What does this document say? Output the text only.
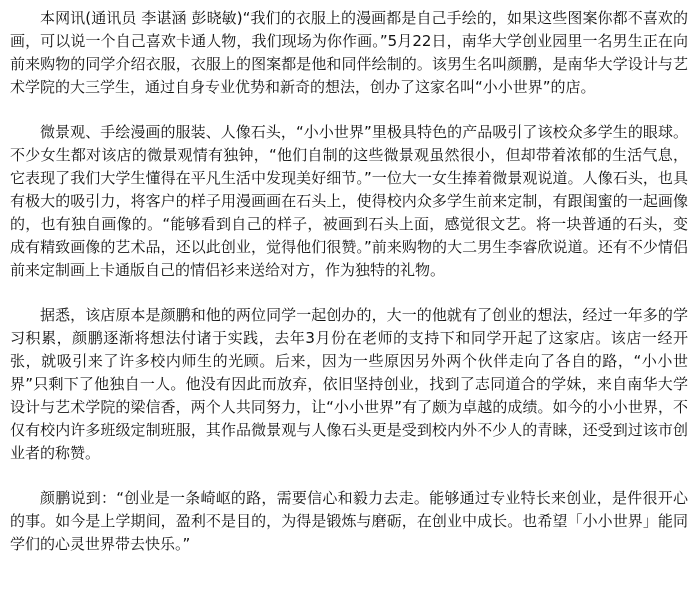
本网讯(通讯员 李谌涵 彭晓敏)“我们的衣服上的漫画都是自己手绘的，如果这些图案你都不喜欢的画，可以说一个自己喜欢卡通人物，我们现场为你作画。”5月22日，南华大学创业园里一名男生正在向前来购物的同学介绍衣服，衣服上的图案都是他和同伴绘制的。该男生名叫颜鹏，是南华大学设计与艺术学院的大三学生，通过自身专业优势和新奇的想法，创办了这家名叫“小小世界”的店。

微景观、手绘漫画的服装、人像石头，“小小世界”里极具特色的产品吸引了该校众多学生的眼球。不少女生都对该店的微景观情有独钟，“他们自制的这些微景观虽然很小，但却带着浓郁的生活气息，它表现了我们大学生懂得在平凡生活中发现美好细节。”一位大一女生捧着微景观说道。人像石头，也具有极大的吸引力，将客户的样子用漫画画在石头上，使得校内众多学生前来定制，有跟闺蜜的一起画像的，也有独自画像的。“能够看到自己的样子，被画到石头上面，感觉很文艺。将一块普通的石头，变成有精致画像的艺术品，还以此创业，觉得他们很赞。”前来购物的大二男生李睿欣说道。还有不少情侣前来定制画上卡通版自己的情侣衫来送给对方，作为独特的礼物。

据悉，该店原本是颜鹏和他的两位同学一起创办的，大一的他就有了创业的想法，经过一年多的学习积累，颜鹏逐渐将想法付诸于实践，去年3月份在老师的支持下和同学开起了这家店。该店一经开张，就吸引来了许多校内师生的光顾。后来，因为一些原因另外两个伙伴走向了各自的路，“小小世界”只剩下了他独自一人。他没有因此而放弃，依旧坚持创业，找到了志同道合的学妹，来自南华大学设计与艺术学院的梁信香，两个人共同努力，让“小小世界”有了颇为卓越的成绩。如今的小小世界，不仅有校内许多班级定制班服，其作品微景观与人像石头更是受到校内外不少人的青睐，还受到过该市创业者的称赞。

颜鹏说到：“创业是一条崎岖的路，需要信心和毅力去走。能够通过专业特长来创业，是件很开心的事。如今是上学期间，盈利不是目的，为得是锻炼与磨砺，在创业中成长。也希望「小小世界」能同学们的心灵世界带去快乐。”
